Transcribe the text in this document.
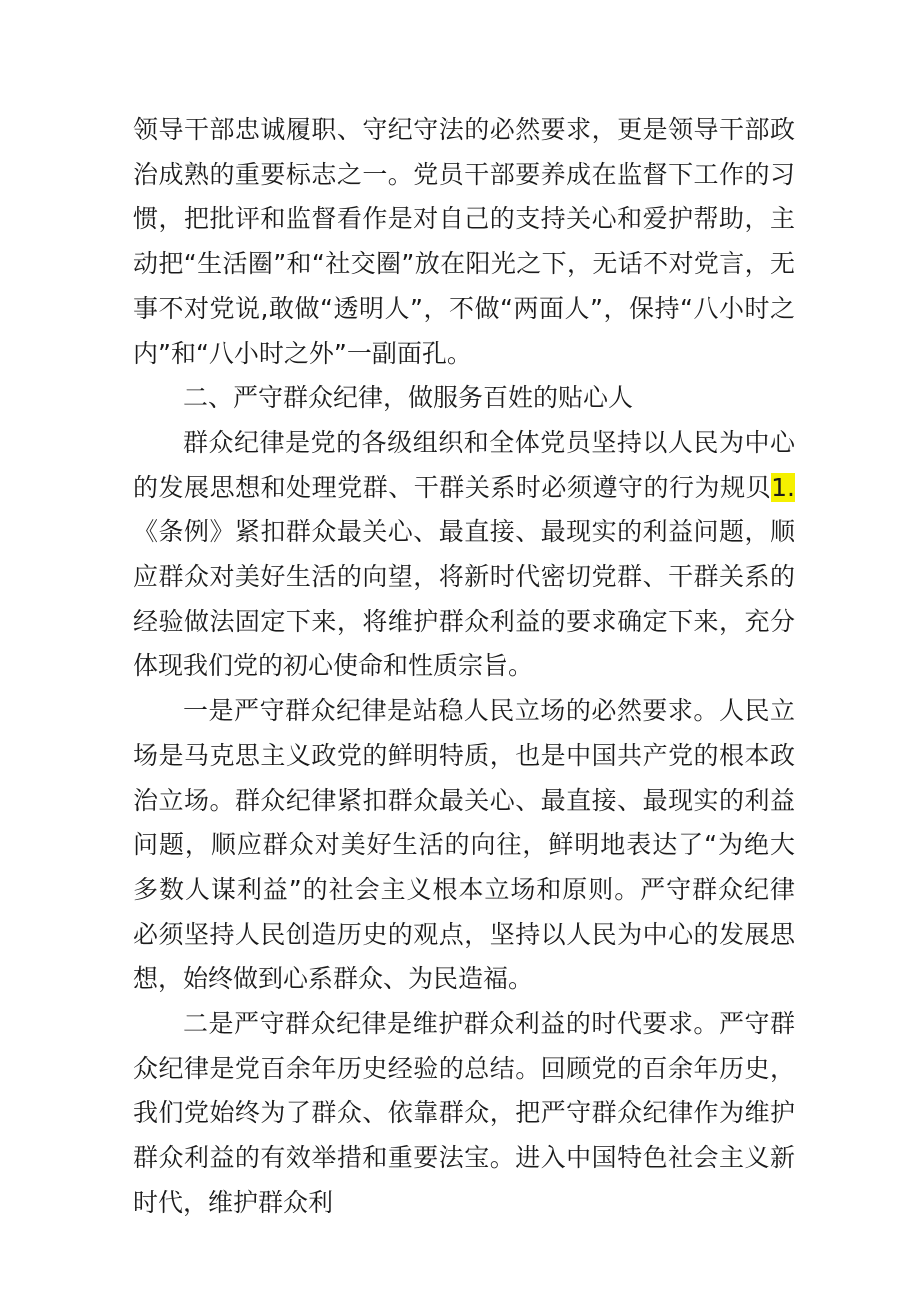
领导干部忠诚履职、守纪守法的必然要求，更是领导干部政治成熟的重要标志之一。党员干部要养成在监督下工作的习惯，把批评和监督看作是对自己的支持关心和爱护帮助，主动把“生活圈”和“社交圈”放在阳光之下，无话不对党言，无事不对党说,敢做“透明人”，不做“两面人”，保持“八小时之内”和“八小时之外”一副面孔。

二、严守群众纪律，做服务百姓的贴心人

群众纪律是党的各级组织和全体党员坚持以人民为中心的发展思想和处理党群、干群关系时必须遵守的行为规贝1.《条例》紧扣群众最关心、最直接、最现实的利益问题，顺应群众对美好生活的向望，将新时代密切党群、干群关系的经验做法固定下来，将维护群众利益的要求确定下来，充分体现我们党的初心使命和性质宗旨。

一是严守群众纪律是站稳人民立场的必然要求。人民立场是马克思主义政党的鲜明特质，也是中国共产党的根本政治立场。群众纪律紧扣群众最关心、最直接、最现实的利益问题，顺应群众对美好生活的向往，鲜明地表达了“为绝大多数人谋利益”的社会主义根本立场和原则。严守群众纪律必须坚持人民创造历史的观点，坚持以人民为中心的发展思想，始终做到心系群众、为民造福。

二是严守群众纪律是维护群众利益的时代要求。严守群众纪律是党百余年历史经验的总结。回顾党的百余年历史，我们党始终为了群众、依靠群众，把严守群众纪律作为维护群众利益的有效举措和重要法宝。进入中国特色社会主义新时代，维护群众利
